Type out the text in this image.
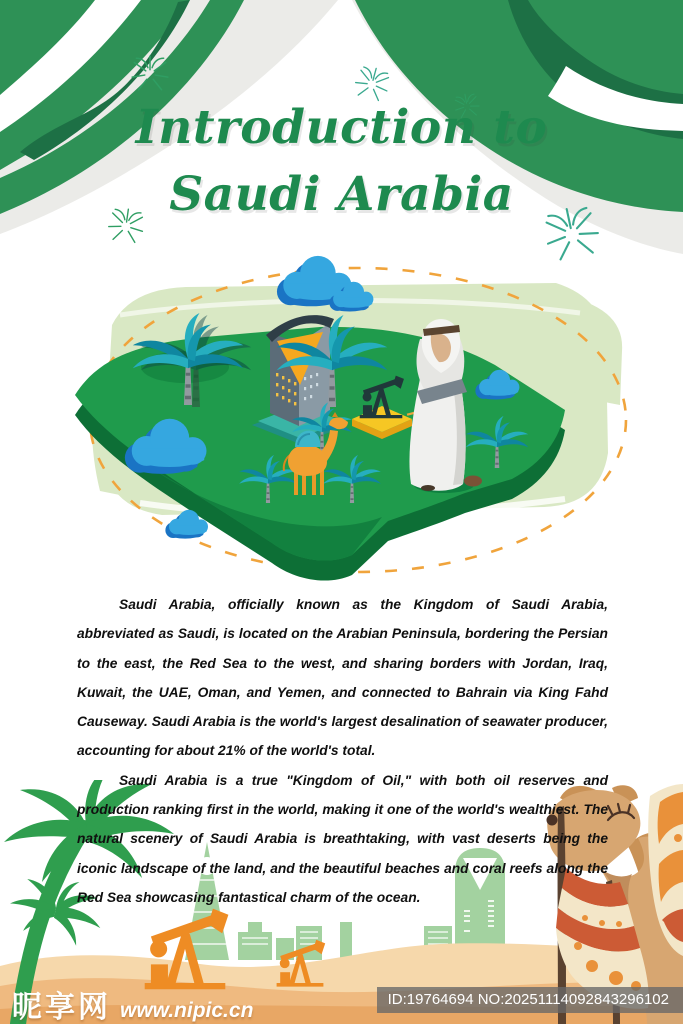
Introduction to
Saudi Arabia

Saudi Arabia, officially known as the Kingdom of Saudi Arabia, abbreviated as Saudi, is located on the Arabian Peninsula, bordering the Persian to the east, the Red Sea to the west, and sharing borders with Jordan, Iraq, Kuwait, the UAE, Oman, and Yemen, and connected to Bahrain via King Fahd Causeway. Saudi Arabia is the world's largest desalination of seawater producer, accounting for about 21% of the world's total.

Saudi Arabia is a true "Kingdom of Oil," with both oil reserves and production ranking first in the world, making it one of the world's wealthiest. The natural scenery of Saudi Arabia is breathtaking, with vast deserts being the iconic landscape of the land, and the beautiful beaches and coral reefs along the Red Sea showcasing fantastical charm of the ocean.

昵享网 www.nipic.cn	ID:19764694 NO:20251114092843296102
